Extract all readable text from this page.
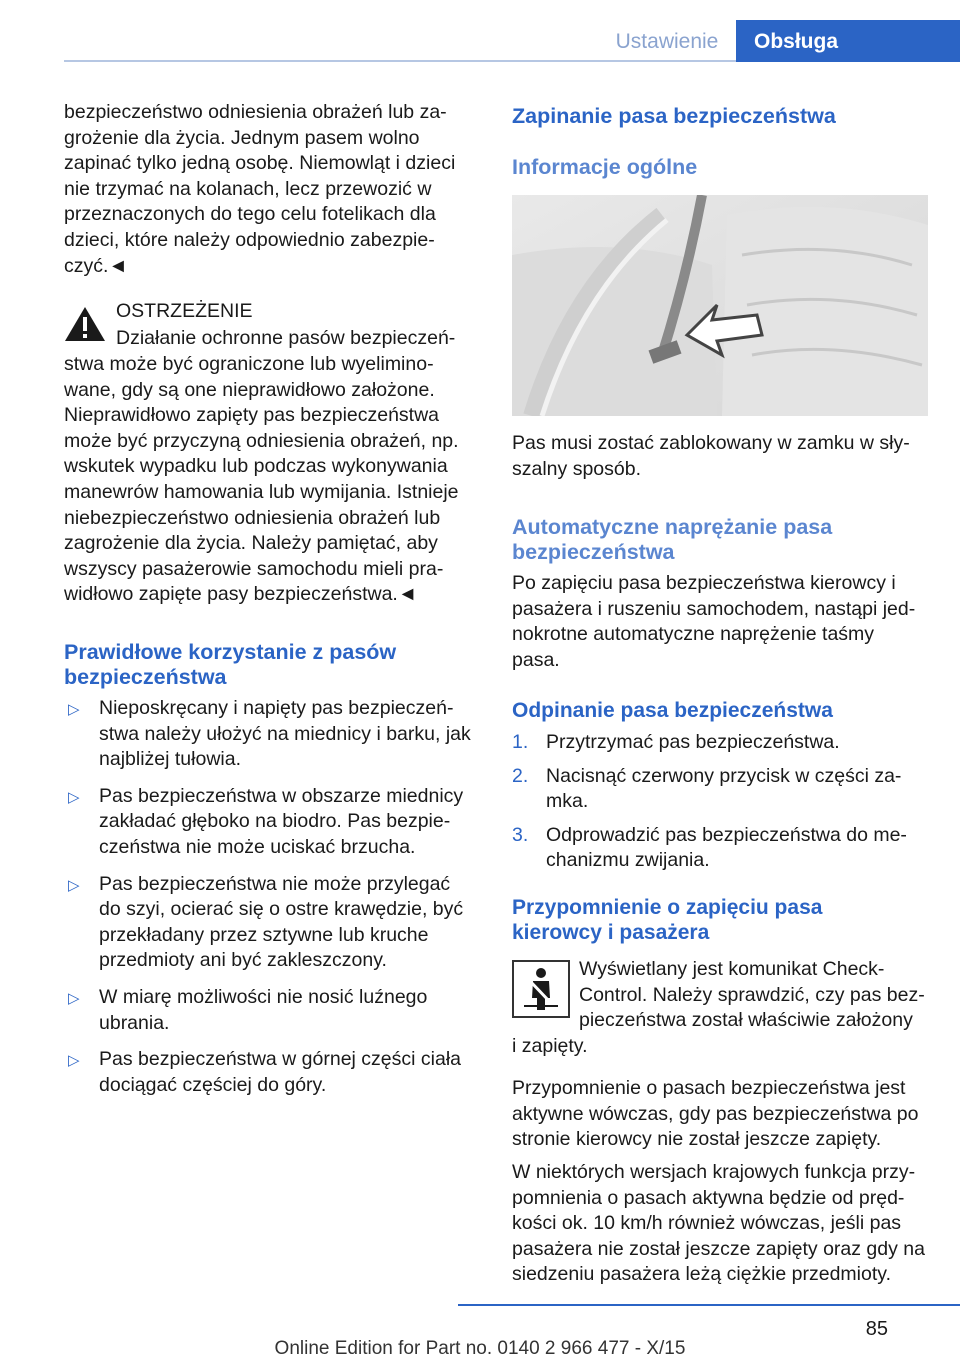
Ustawienie	Obsługa
bezpieczeństwo odniesienia obrażeń lub za-
grożenie dla życia. Jednym pasem wolno
zapinać tylko jedną osobę. Niemowląt i dzieci
nie trzymać na kolanach, lecz przewozić w
przeznaczonych do tego celu fotelikach dla
dzieci, które należy odpowiednio zabezpie-
czyć.◄
OSTRZEŻENIE
Działanie ochronne pasów bezpieczeń-
stwa może być ograniczone lub wyelimino-
wane, gdy są one nieprawidłowo założone.
Nieprawidłowo zapięty pas bezpieczeństwa
może być przyczyną odniesienia obrażeń, np.
wskutek wypadku lub podczas wykonywania
manewrów hamowania lub wymijania. Istnieje
niebezpieczeństwo odniesienia obrażeń lub
zagrożenie dla życia. Należy pamiętać, aby
wszyscy pasażerowie samochodu mieli pra-
widłowo zapięte pasy bezpieczeństwa.◄
Prawidłowe korzystanie z pasów
bezpieczeństwa
▷ Nieposkręcany i napięty pas bezpieczeń-
stwa należy ułożyć na miednicy i barku, jak
najbliżej tułowia.
▷ Pas bezpieczeństwa w obszarze miednicy
zakładać głęboko na biodro. Pas bezpie-
czeństwa nie może uciskać brzucha.
▷ Pas bezpieczeństwa nie może przylegać
do szyi, ocierać się o ostre krawędzie, być
przekładany przez sztywne lub kruche
przedmioty ani być zakleszczony.
▷ W miarę możliwości nie nosić luźnego
ubrania.
▷ Pas bezpieczeństwa w górnej części ciała
dociągać częściej do góry.
Zapinanie pasa bezpieczeństwa
Informacje ogólne
Pas musi zostać zablokowany w zamku w sły-
szalny sposób.
Automatyczne naprężanie pasa
bezpieczeństwa
Po zapięciu pasa bezpieczeństwa kierowcy i
pasażera i ruszeniu samochodem, nastąpi jed-
nokrotne automatyczne naprężenie taśmy
pasa.
Odpinanie pasa bezpieczeństwa
1. Przytrzymać pas bezpieczeństwa.
2. Nacisnąć czerwony przycisk w części za-
mka.
3. Odprowadzić pas bezpieczeństwa do me-
chanizmu zwijania.
Przypomnienie o zapięciu pasa
kierowcy i pasażera
Wyświetlany jest komunikat Check-
Control. Należy sprawdzić, czy pas bez-
pieczeństwa został właściwie założony
i zapięty.
Przypomnienie o pasach bezpieczeństwa jest
aktywne wówczas, gdy pas bezpieczeństwa po
stronie kierowcy nie został jeszcze zapięty.
W niektórych wersjach krajowych funkcja przy-
pomnienia o pasach aktywna będzie od pręd-
kości ok. 10 km/h również wówczas, jeśli pas
pasażera nie został jeszcze zapięty oraz gdy na
siedzeniu pasażera leżą ciężkie przedmioty.
85
Online Edition for Part no. 0140 2 966 477 - X/15
